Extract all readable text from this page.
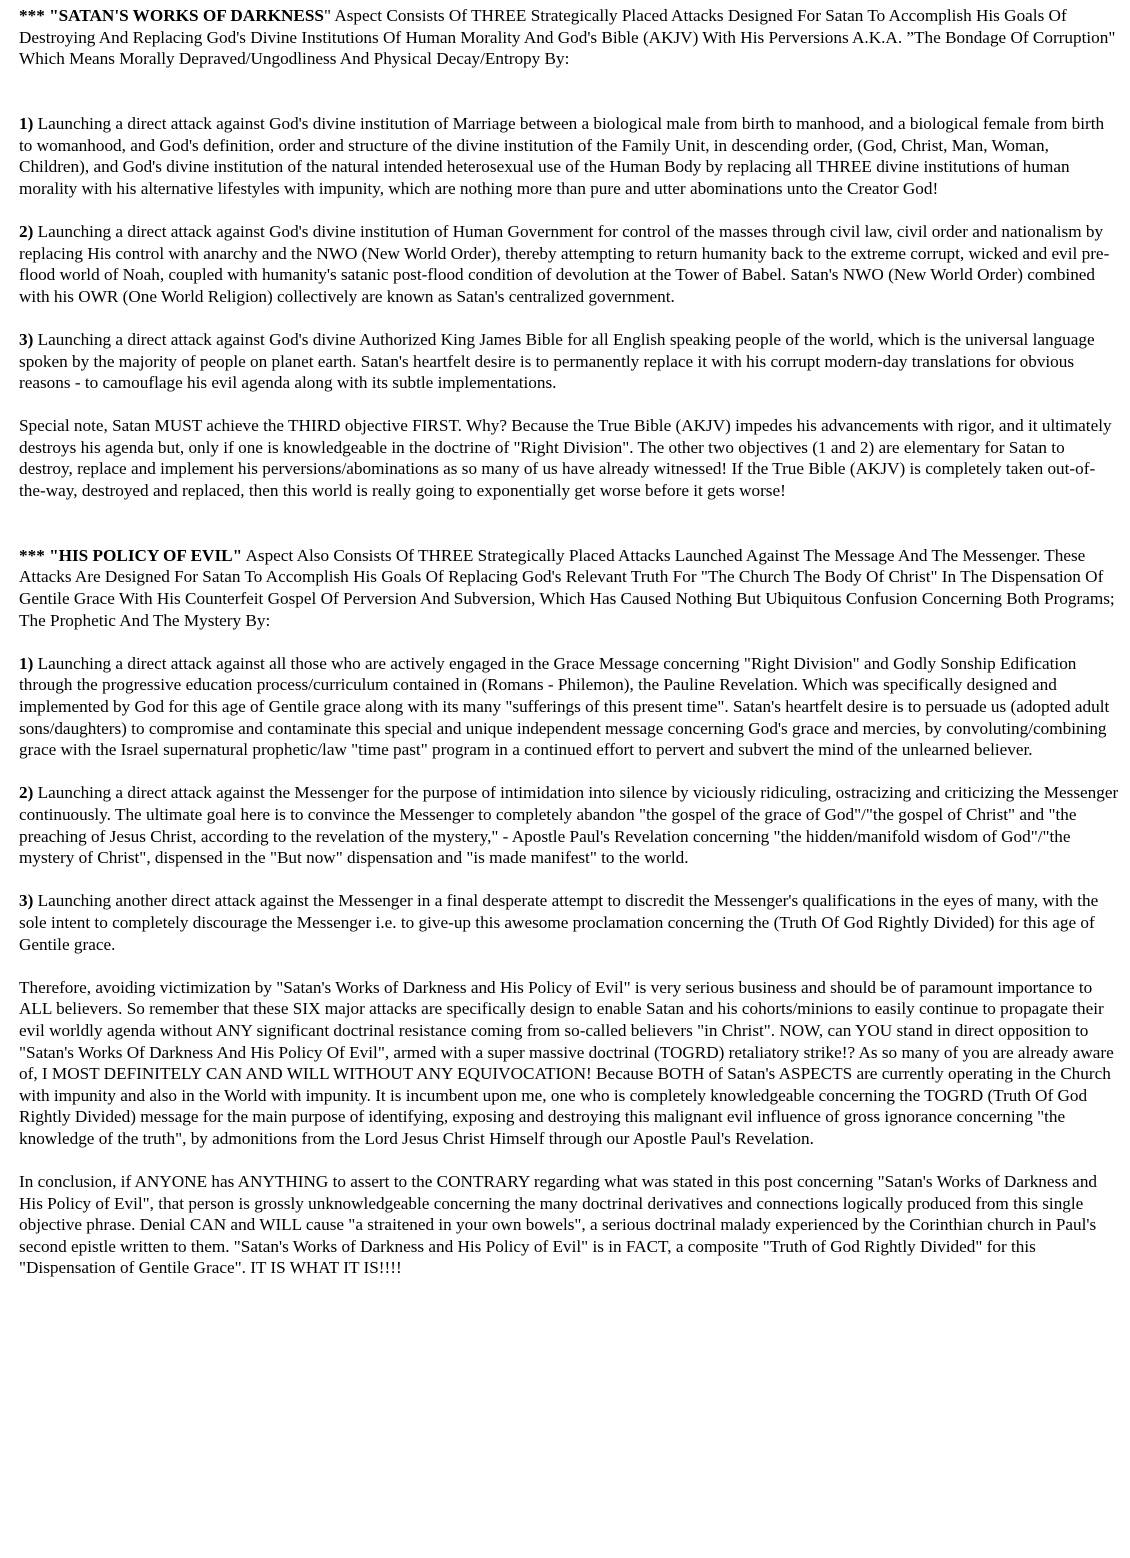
*** "SATAN'S WORKS OF DARKNESS" Aspect Consists Of THREE Strategically Placed Attacks Designed For Satan To Accomplish His Goals Of Destroying And Replacing God's Divine Institutions Of Human Morality And God's Bible (AKJV) With His Perversions A.K.A. ”The Bondage Of Corruption" Which Means Morally Depraved/Ungodliness And Physical Decay/Entropy By:

1) Launching a direct attack against God's divine institution of Marriage between a biological male from birth to manhood, and a biological female from birth to womanhood, and God's definition, order and structure of the divine institution of the Family Unit, in descending order, (God, Christ, Man, Woman, Children), and God's divine institution of the natural intended heterosexual use of the Human Body by replacing all THREE divine institutions of human morality with his alternative lifestyles with impunity, which are nothing more than pure and utter abominations unto the Creator God!

2) Launching a direct attack against God's divine institution of Human Government for control of the masses through civil law, civil order and nationalism by replacing His control with anarchy and the NWO (New World Order), thereby attempting to return humanity back to the extreme corrupt, wicked and evil pre-flood world of Noah, coupled with humanity's satanic post-flood condition of devolution at the Tower of Babel. Satan's NWO (New World Order) combined with his OWR (One World Religion) collectively are known as Satan's centralized government.

3) Launching a direct attack against God's divine Authorized King James Bible for all English speaking people of the world, which is the universal language spoken by the majority of people on planet earth. Satan's heartfelt desire is to permanently replace it with his corrupt modern-day translations for obvious reasons - to camouflage his evil agenda along with its subtle implementations.

Special note, Satan MUST achieve the THIRD objective FIRST. Why? Because the True Bible (AKJV) impedes his advancements with rigor, and it ultimately destroys his agenda but, only if one is knowledgeable in the doctrine of "Right Division". The other two objectives (1 and 2) are elementary for Satan to destroy, replace and implement his perversions/abominations as so many of us have already witnessed! If the True Bible (AKJV) is completely taken out-of-the-way, destroyed and replaced, then this world is really going to exponentially get worse before it gets worse!

*** "HIS POLICY OF EVIL" Aspect Also Consists Of THREE Strategically Placed Attacks Launched Against The Message And The Messenger. These Attacks Are Designed For Satan To Accomplish His Goals Of Replacing God's Relevant Truth For "The Church The Body Of Christ" In The Dispensation Of Gentile Grace With His Counterfeit Gospel Of Perversion And Subversion, Which Has Caused Nothing But Ubiquitous Confusion Concerning Both Programs; The Prophetic And The Mystery By:

1) Launching a direct attack against all those who are actively engaged in the Grace Message concerning "Right Division" and Godly Sonship Edification through the progressive education process/curriculum contained in (Romans - Philemon), the Pauline Revelation. Which was specifically designed and implemented by God for this age of Gentile grace along with its many "sufferings of this present time". Satan's heartfelt desire is to persuade us (adopted adult sons/daughters) to compromise and contaminate this special and unique independent message concerning God's grace and mercies, by convoluting/combining grace with the Israel supernatural prophetic/law "time past" program in a continued effort to pervert and subvert the mind of the unlearned believer.

2) Launching a direct attack against the Messenger for the purpose of intimidation into silence by viciously ridiculing, ostracizing and criticizing the Messenger continuously. The ultimate goal here is to convince the Messenger to completely abandon "the gospel of the grace of God"/"the gospel of Christ" and "the preaching of Jesus Christ, according to the revelation of the mystery," - Apostle Paul's Revelation concerning "the hidden/manifold wisdom of God"/"the mystery of Christ", dispensed in the "But now" dispensation and "is made manifest" to the world.

3) Launching another direct attack against the Messenger in a final desperate attempt to discredit the Messenger's qualifications in the eyes of many, with the sole intent to completely discourage the Messenger i.e. to give-up this awesome proclamation concerning the (Truth Of God Rightly Divided) for this age of Gentile grace.

Therefore, avoiding victimization by "Satan's Works of Darkness and His Policy of Evil" is very serious business and should be of paramount importance to ALL believers. So remember that these SIX major attacks are specifically design to enable Satan and his cohorts/minions to easily continue to propagate their evil worldly agenda without ANY significant doctrinal resistance coming from so-called believers "in Christ". NOW, can YOU stand in direct opposition to "Satan's Works Of Darkness And His Policy Of Evil", armed with a super massive doctrinal (TOGRD) retaliatory strike!? As so many of you are already aware of, I MOST DEFINITELY CAN AND WILL WITHOUT ANY EQUIVOCATION! Because BOTH of Satan's ASPECTS are currently operating in the Church with impunity and also in the World with impunity. It is incumbent upon me, one who is completely knowledgeable concerning the TOGRD (Truth Of God Rightly Divided) message for the main purpose of identifying, exposing and destroying this malignant evil influence of gross ignorance concerning "the knowledge of the truth", by admonitions from the Lord Jesus Christ Himself through our Apostle Paul's Revelation.

In conclusion, if ANYONE has ANYTHING to assert to the CONTRARY regarding what was stated in this post concerning "Satan's Works of Darkness and His Policy of Evil", that person is grossly unknowledgeable concerning the many doctrinal derivatives and connections logically produced from this single objective phrase. Denial CAN and WILL cause "a straitened in your own bowels", a serious doctrinal malady experienced by the Corinthian church in Paul's second epistle written to them. "Satan's Works of Darkness and His Policy of Evil" is in FACT, a composite "Truth of God Rightly Divided" for this "Dispensation of Gentile Grace". IT IS WHAT IT IS!!!!
